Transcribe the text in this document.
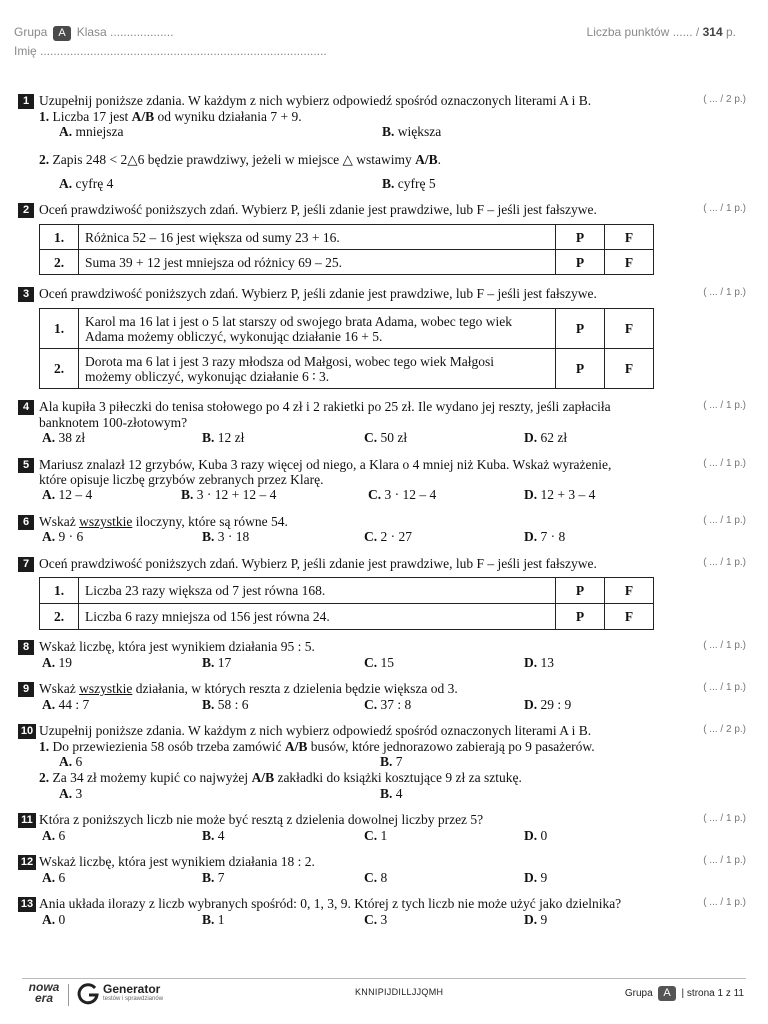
Grupa A Klasa ...................	Liczba punktów ...... / 314 p.
Imię ......................................................................................
1	( ... / 2 p.)
Uzupełnij poniższe zdania. W każdym z nich wybierz odpowiedź spośród oznaczonych literami A i B.
1. Liczba 17 jest A/B od wyniku działania 7 + 9.
A. mniejsza	B. większa
2. Zapis 248 < 2△6 będzie prawdziwy, jeżeli w miejsce △ wstawimy A/B.
A. cyfrę 4	B. cyfrę 5
2	( ... / 1 p.)
Oceń prawdziwość poniższych zdań. Wybierz P, jeśli zdanie jest prawdziwe, lub F – jeśli jest fałszywe.
1.	Różnica 52 – 16 jest większa od sumy 23 + 16.	P	F
2.	Suma 39 + 12 jest mniejsza od różnicy 69 – 25.	P	F
3	( ... / 1 p.)
Oceń prawdziwość poniższych zdań. Wybierz P, jeśli zdanie jest prawdziwe, lub F – jeśli jest fałszywe.
1.	Karol ma 16 lat i jest o 5 lat starszy od swojego brata Adama, wobec tego wiek
Adama możemy obliczyć, wykonując działanie 16 + 5.	P	F
2.	Dorota ma 6 lat i jest 3 razy młodsza od Małgosi, wobec tego wiek Małgosi
możemy obliczyć, wykonując działanie 6 ∶ 3.	P	F
4	( ... / 1 p.)
Ala kupiła 3 piłeczki do tenisa stołowego po 4 zł i 2 rakietki po 25 zł. Ile wydano jej reszty, jeśli zapłaciła
banknotem 100-złotowym?
A. 38 zł	B. 12 zł	C. 50 zł	D. 62 zł
5	( ... / 1 p.)
Mariusz znalazł 12 grzybów, Kuba 3 razy więcej od niego, a Klara o 4 mniej niż Kuba. Wskaż wyrażenie,
które opisuje liczbę grzybów zebranych przez Klarę.
A. 12 – 4	B. 3 · 12 + 12 – 4	C. 3 · 12 – 4	D. 12 + 3 – 4
6	( ... / 1 p.)
Wskaż wszystkie iloczyny, które są równe 54.
A. 9 · 6	B. 3 · 18	C. 2 · 27	D. 7 · 8
7	( ... / 1 p.)
Oceń prawdziwość poniższych zdań. Wybierz P, jeśli zdanie jest prawdziwe, lub F – jeśli jest fałszywe.
1.	Liczba 23 razy większa od 7 jest równa 168.	P	F
2.	Liczba 6 razy mniejsza od 156 jest równa 24.	P	F
8	( ... / 1 p.)
Wskaż liczbę, która jest wynikiem działania 95 : 5.
A. 19	B. 17	C. 15	D. 13
9	( ... / 1 p.)
Wskaż wszystkie działania, w których reszta z dzielenia będzie większa od 3.
A. 44 : 7	B. 58 : 6	C. 37 : 8	D. 29 : 9
10	( ... / 2 p.)
Uzupełnij poniższe zdania. W każdym z nich wybierz odpowiedź spośród oznaczonych literami A i B.
1. Do przewiezienia 58 osób trzeba zamówić A/B busów, które jednorazowo zabierają po 9 pasażerów.
A. 6	B. 7
2. Za 34 zł możemy kupić co najwyżej A/B zakładki do książki kosztujące 9 zł za sztukę.
A. 3	B. 4
11	( ... / 1 p.)
Która z poniższych liczb nie może być resztą z dzielenia dowolnej liczby przez 5?
A. 6	B. 4	C. 1	D. 0
12	( ... / 1 p.)
Wskaż liczbę, która jest wynikiem działania 18 : 2.
A. 6	B. 7	C. 8	D. 9
13	( ... / 1 p.)
Ania układa ilorazy z liczb wybranych spośród: 0, 1, 3, 9. Której z tych liczb nie może użyć jako dzielnika?
A. 0	B. 1	C. 3	D. 9
nowa
era
Generator
testów i sprawdzianów
KNNIPIJDILLJJQMH	Grupa A | strona 1 z 11
